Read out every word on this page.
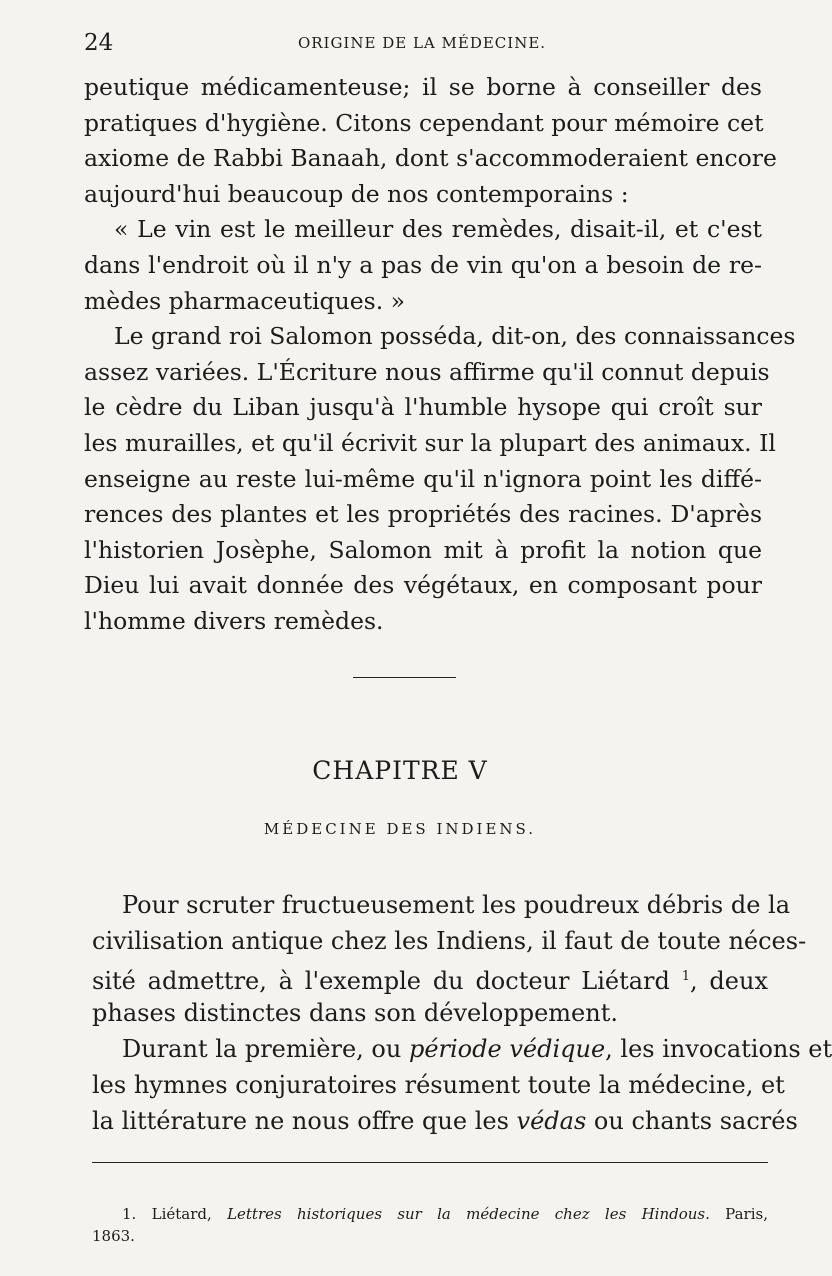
24	ORIGINE DE LA MÉDECINE.
peutique médicamenteuse; il se borne à conseiller des
pratiques d'hygiène. Citons cependant pour mémoire cet
axiome de Rabbi Banaah, dont s'accommoderaient encore
aujourd'hui beaucoup de nos contemporains :
« Le vin est le meilleur des remèdes, disait-il, et c'est
dans l'endroit où il n'y a pas de vin qu'on a besoin de re-
mèdes pharmaceutiques. »
Le grand roi Salomon posséda, dit-on, des connaissances
assez variées. L'Écriture nous affirme qu'il connut depuis
le cèdre du Liban jusqu'à l'humble hysope qui croît sur
les murailles, et qu'il écrivit sur la plupart des animaux. Il
enseigne au reste lui-même qu'il n'ignora point les diffé-
rences des plantes et les propriétés des racines. D'après
l'historien Josèphe, Salomon mit à profit la notion que
Dieu lui avait donnée des végétaux, en composant pour
l'homme divers remèdes.
CHAPITRE V
MÉDECINE DES INDIENS.
Pour scruter fructueusement les poudreux débris de la
civilisation antique chez les Indiens, il faut de toute néces-
sité admettre, à l'exemple du docteur Liétard $^1$, deux
phases distinctes dans son développement.
Durant la première, ou période védique, les invocations et
les hymnes conjuratoires résument toute la médecine, et
la littérature ne nous offre que les védas ou chants sacrés
1. Liétard, Lettres historiques sur la médecine chez les Hindous. Paris,
1863.
